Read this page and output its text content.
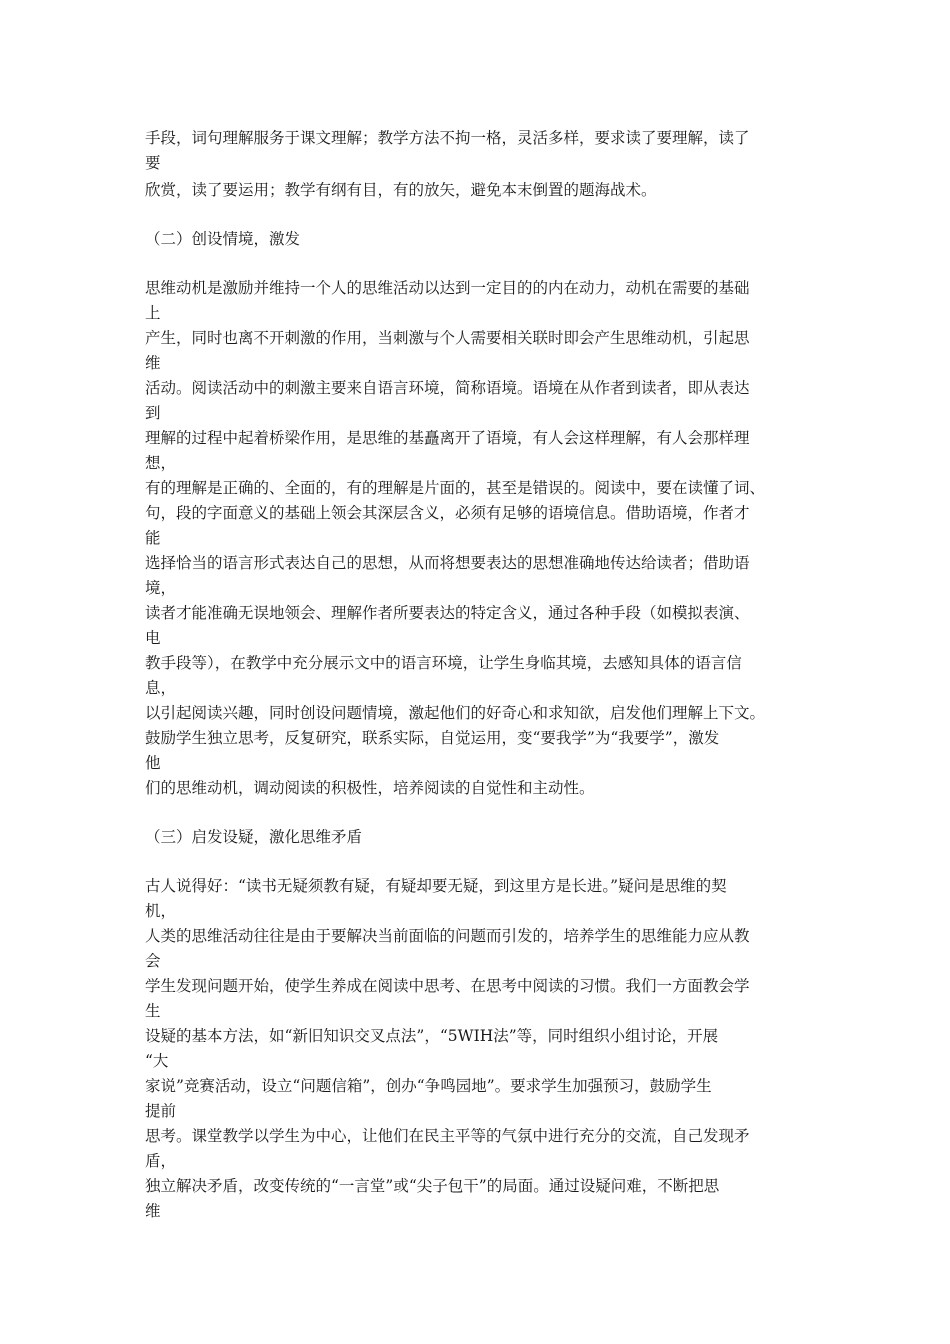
手段，词句理解服务于课文理解；教学方法不拘一格，灵活多样，要求读了要理解，读了
要
欣赏，读了要运用；教学有纲有目，有的放矢，避免本末倒置的题海战术。
（二）创设情境，激发
思维动机是激励并维持一个人的思维活动以达到一定目的的内在动力，动机在需要的基础
上
产生，同时也离不开刺激的作用，当刺激与个人需要相关联时即会产生思维动机，引起思
维
活动。阅读活动中的刺激主要来自语言环境，简称语境。语境在从作者到读者，即从表达
到
理解的过程中起着桥梁作用，是思维的基矗离开了语境，有人会这样理解，有人会那样理
想，
有的理解是正确的、全面的，有的理解是片面的，甚至是错误的。阅读中，要在读懂了词、
句，段的字面意义的基础上领会其深层含义，必须有足够的语境信息。借助语境，作者才
能
选择恰当的语言形式表达自己的思想，从而将想要表达的思想准确地传达给读者；借助语
境，
读者才能准确无误地领会、理解作者所要表达的特定含义，通过各种手段（如模拟表演、
电
教手段等），在教学中充分展示文中的语言环境，让学生身临其境，去感知具体的语言信
息，
以引起阅读兴趣，同时创设问题情境，激起他们的好奇心和求知欲，启发他们理解上下文。
鼓励学生独立思考，反复研究，联系实际，自觉运用，变“要我学”为“我要学”，激发
他
们的思维动机，调动阅读的积极性，培养阅读的自觉性和主动性。
（三）启发设疑，激化思维矛盾
古人说得好：“读书无疑须教有疑，有疑却要无疑，到这里方是长进。”疑问是思维的契
机，
人类的思维活动往往是由于要解决当前面临的问题而引发的，培养学生的思维能力应从教
会
学生发现问题开始，使学生养成在阅读中思考、在思考中阅读的习惯。我们一方面教会学
生
设疑的基本方法，如“新旧知识交叉点法”，“5WIH法”等，同时组织小组讨论，开展
“大
家说”竞赛活动，设立“问题信箱”，创办“争鸣园地”。要求学生加强预习，鼓励学生
提前
思考。课堂教学以学生为中心，让他们在民主平等的气氛中进行充分的交流，自己发现矛
盾，
独立解决矛盾，改变传统的“一言堂”或“尖子包干”的局面。通过设疑问难，不断把思
维
